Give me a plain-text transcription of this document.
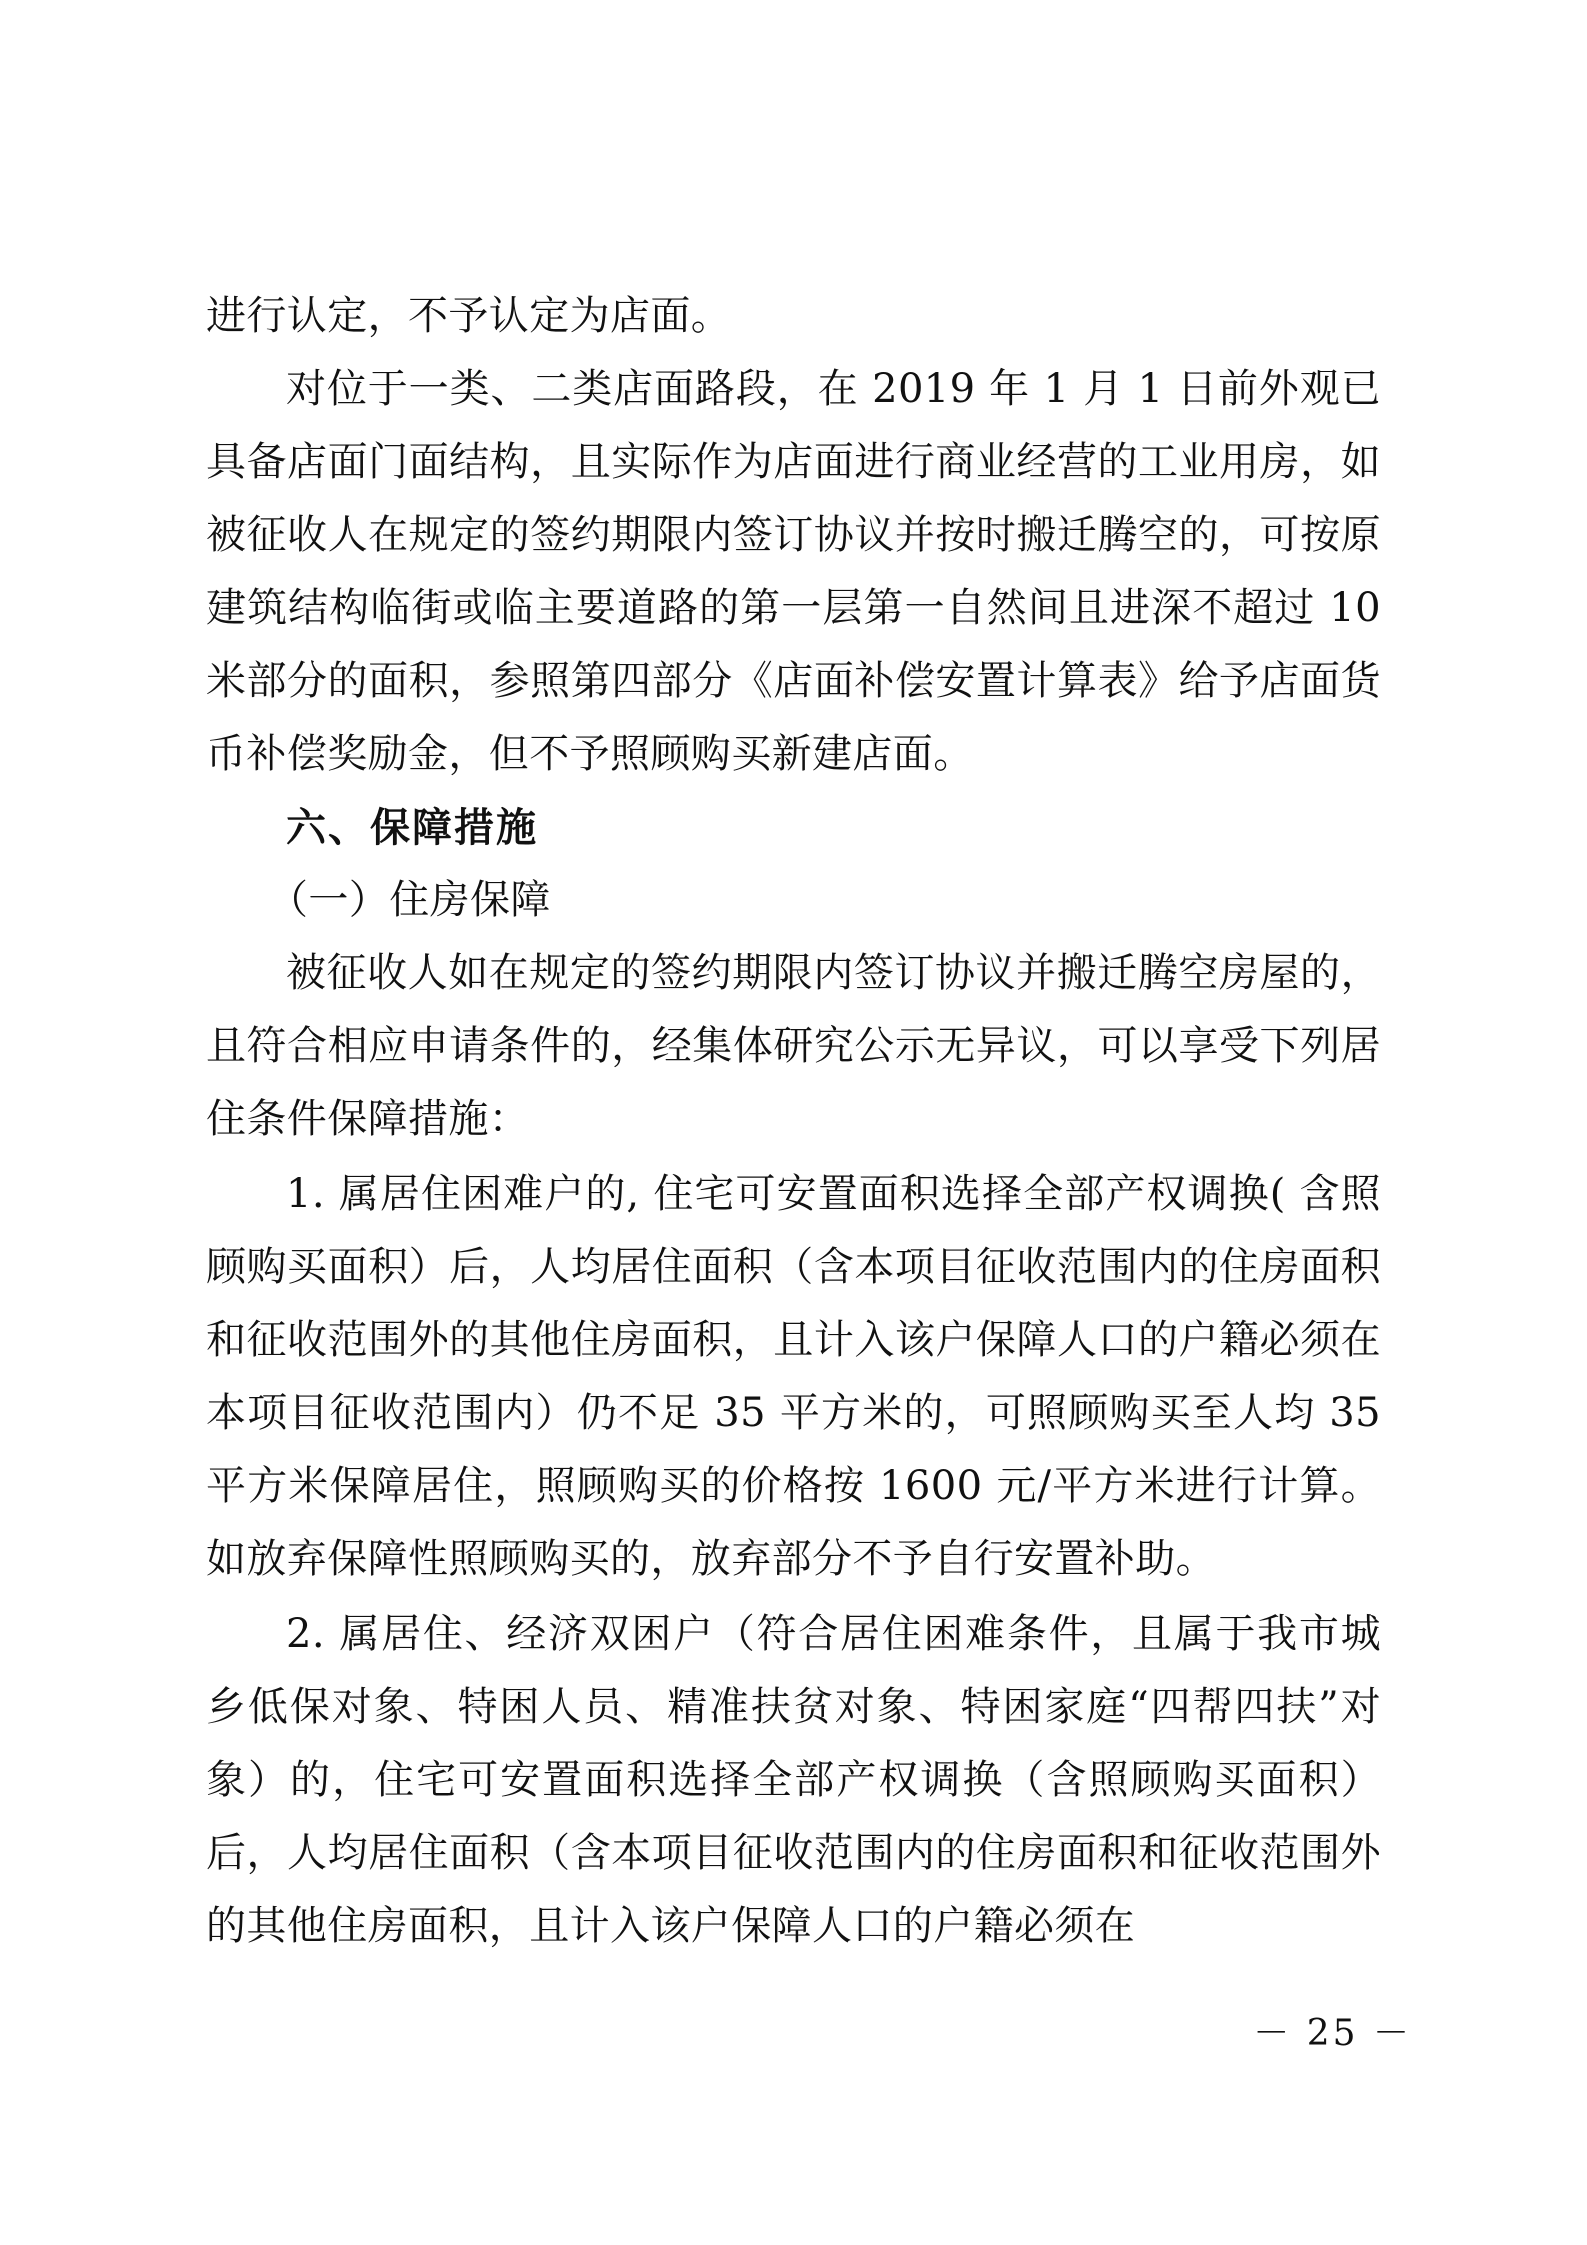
进行认定，不予认定为店面。

对位于一类、二类店面路段，在 2019 年 1 月 1 日前外观已具备店面门面结构，且实际作为店面进行商业经营的工业用房，如被征收人在规定的签约期限内签订协议并按时搬迁腾空的，可按原建筑结构临街或临主要道路的第一层第一自然间且进深不超过 10 米部分的面积，参照第四部分《店面补偿安置计算表》给予店面货币补偿奖励金，但不予照顾购买新建店面。

六、保障措施

（一）住房保障

被征收人如在规定的签约期限内签订协议并搬迁腾空房屋的，且符合相应申请条件的，经集体研究公示无异议，可以享受下列居住条件保障措施：

1. 属居住困难户的, 住宅可安置面积选择全部产权调换( 含照顾购买面积）后，人均居住面积（含本项目征收范围内的住房面积和征收范围外的其他住房面积，且计入该户保障人口的户籍必须在本项目征收范围内）仍不足 35 平方米的，可照顾购买至人均 35 平方米保障居住，照顾购买的价格按 1600 元/平方米进行计算。如放弃保障性照顾购买的，放弃部分不予自行安置补助。

2. 属居住、经济双困户（符合居住困难条件，且属于我市城乡低保对象、特困人员、精准扶贫对象、特困家庭“四帮四扶”对象）的，住宅可安置面积选择全部产权调换（含照顾购买面积）后，人均居住面积（含本项目征收范围内的住房面积和征收范围外的其他住房面积，且计入该户保障人口的户籍必须在

－ 25 －
